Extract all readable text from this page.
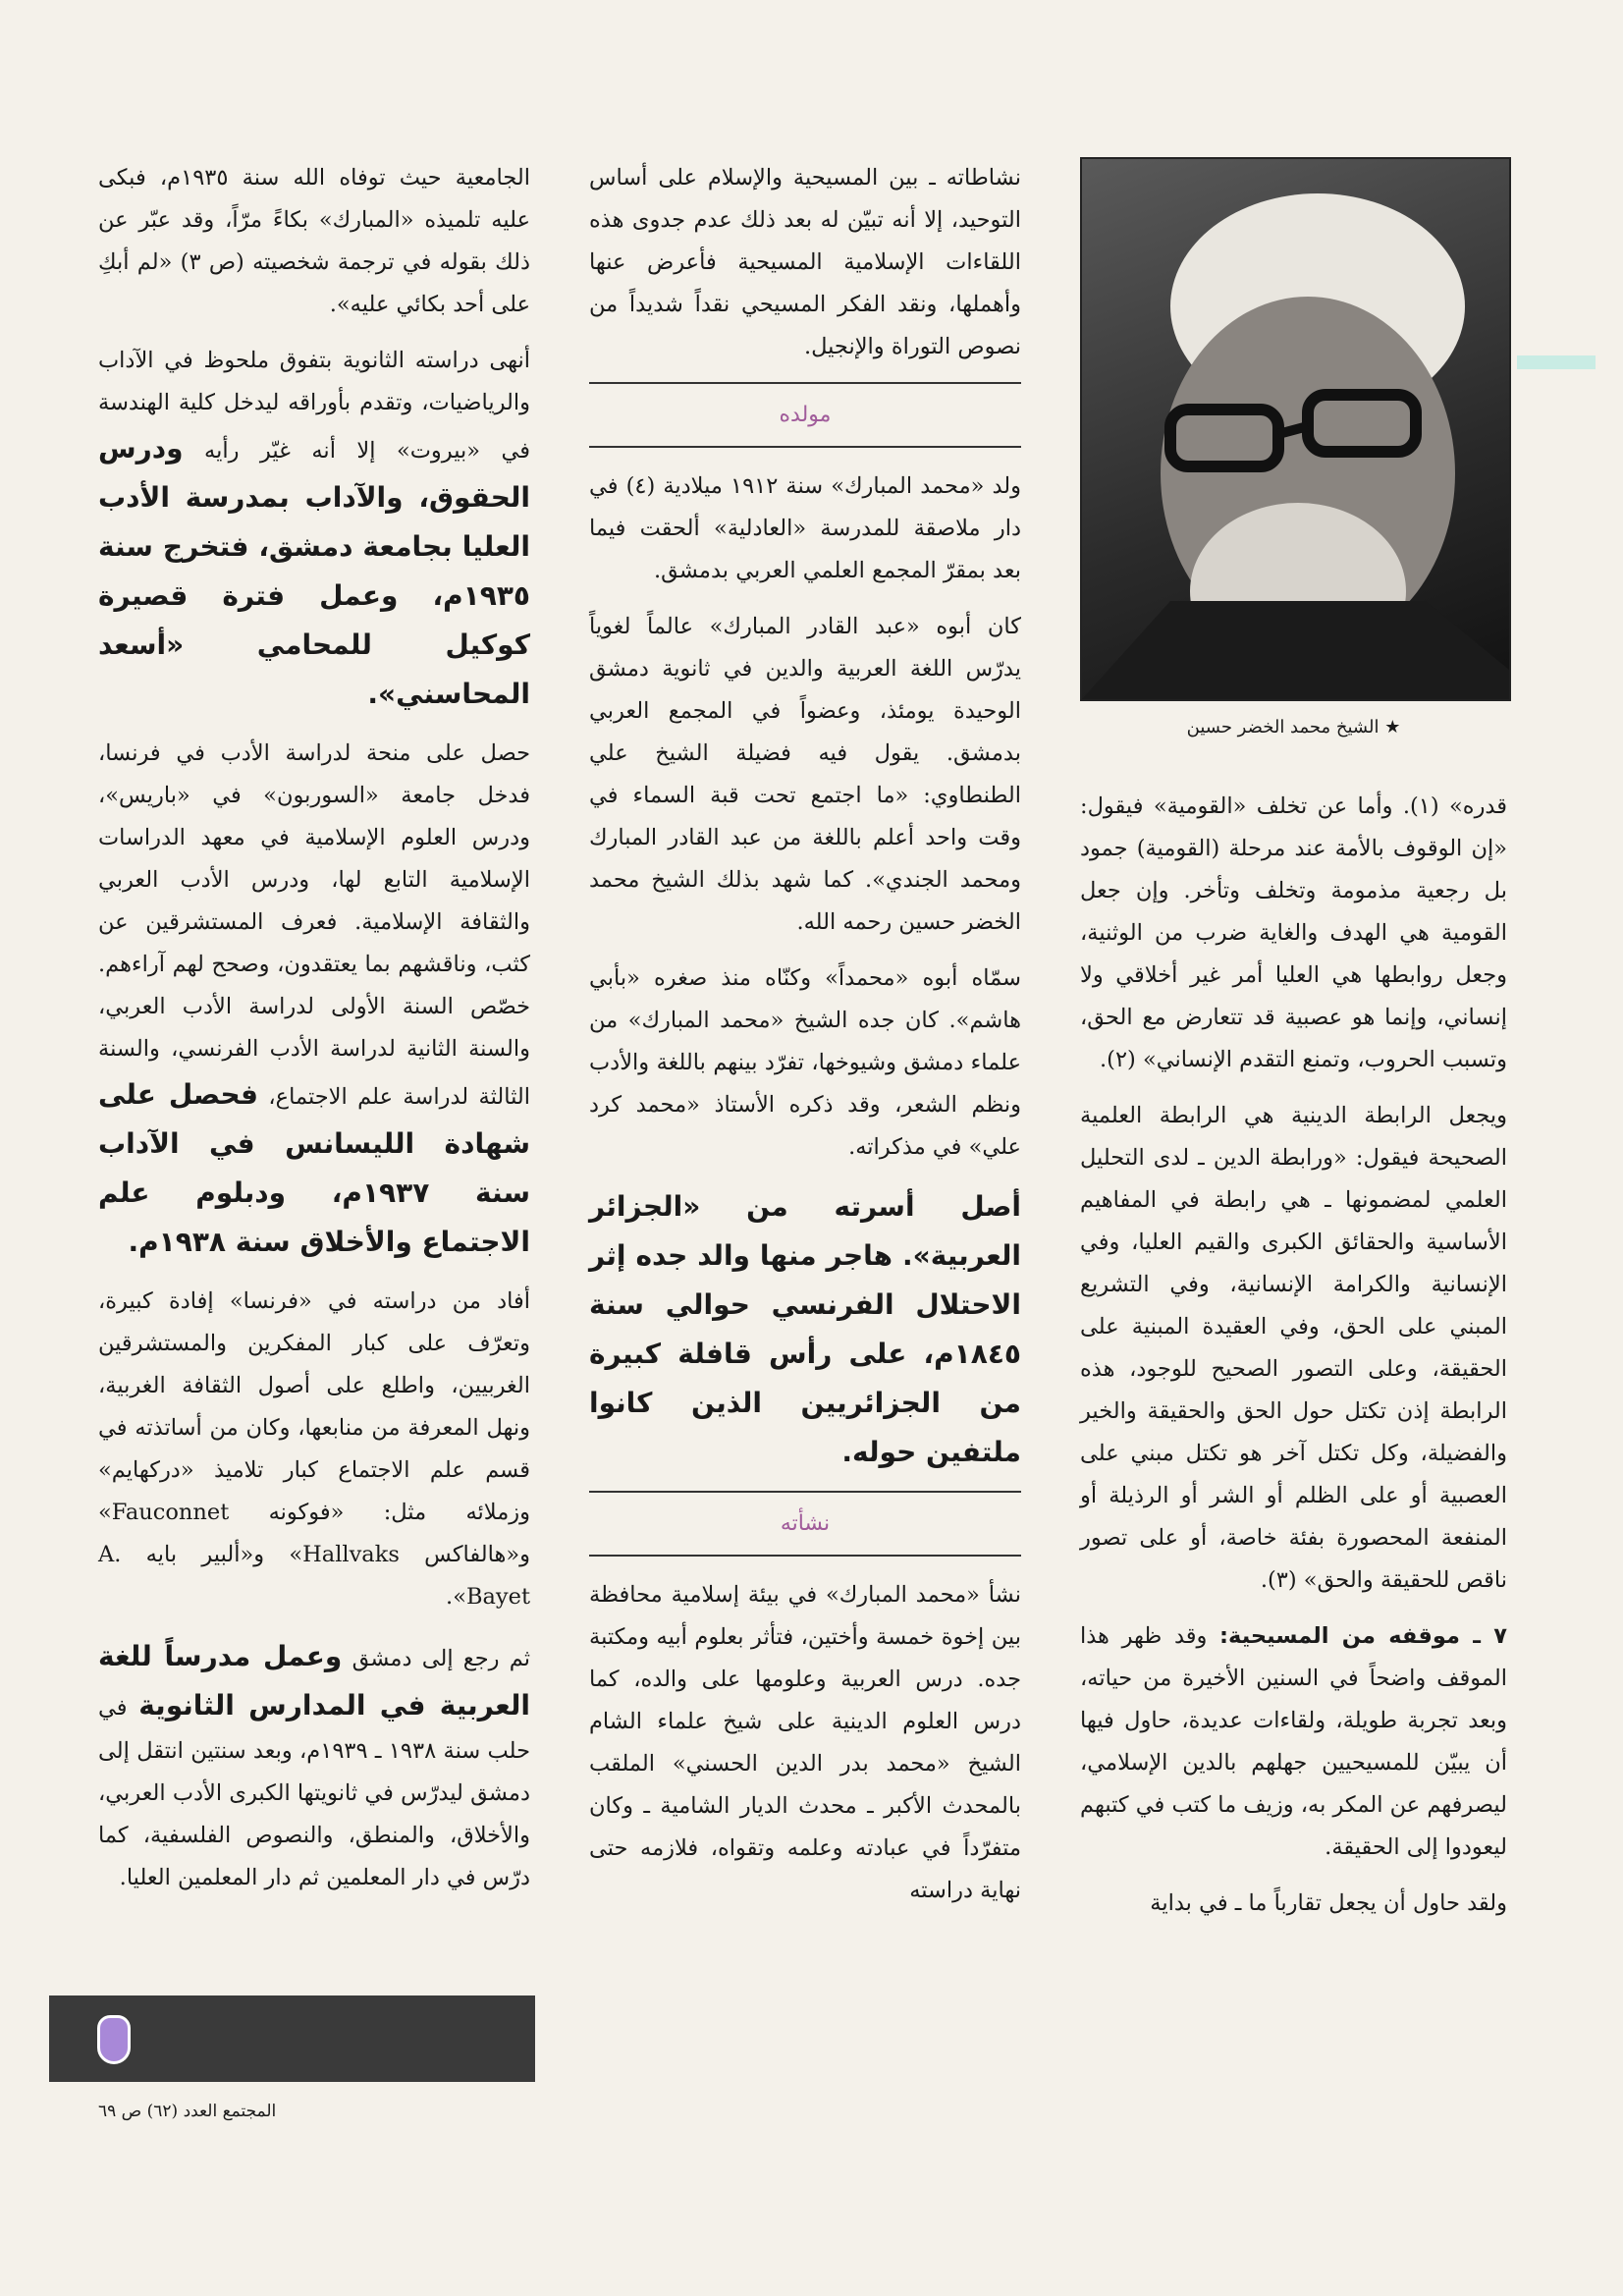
★ الشيخ محمد الخضر حسين

قدره» (١). وأما عن تخلف «القومية» فيقول: «إن الوقوف بالأمة عند مرحلة (القومية) جمود بل رجعية مذمومة وتخلف وتأخر. وإن جعل القومية هي الهدف والغاية ضرب من الوثنية، وجعل روابطها هي العليا أمر غير أخلاقي ولا إنساني، وإنما هو عصبية قد تتعارض مع الحق، وتسبب الحروب، وتمنع التقدم الإنساني» (٢).

ويجعل الرابطة الدينية هي الرابطة العلمية الصحيحة فيقول: «ورابطة الدين ـ لدى التحليل العلمي لمضمونها ـ هي رابطة في المفاهيم الأساسية والحقائق الكبرى والقيم العليا، وفي الإنسانية والكرامة الإنسانية، وفي التشريع المبني على الحق، وفي العقيدة المبنية على الحقيقة، وعلى التصور الصحيح للوجود، هذه الرابطة إذن تكتل حول الحق والحقيقة والخير والفضيلة، وكل تكتل آخر هو تكتل مبني على العصبية أو على الظلم أو الشر أو الرذيلة أو المنفعة المحصورة بفئة خاصة، أو على تصور ناقص للحقيقة والحق» (٣).

٧ ـ موقفه من المسيحية: وقد ظهر هذا الموقف واضحاً في السنين الأخيرة من حياته، وبعد تجربة طويلة، ولقاءات عديدة، حاول فيها أن يبيّن للمسيحيين جهلهم بالدين الإسلامي، ليصرفهم عن المكر به، وزيف ما كتب في كتبهم ليعودوا إلى الحقيقة.

ولقد حاول أن يجعل تقارباً ما ـ في بداية

نشاطاته ـ بين المسيحية والإسلام على أساس التوحيد، إلا أنه تبيّن له بعد ذلك عدم جدوى هذه اللقاءات الإسلامية المسيحية فأعرض عنها وأهملها، ونقد الفكر المسيحي نقداً شديداً من نصوص التوراة والإنجيل.

مولده

ولد «محمد المبارك» سنة ١٩١٢ ميلادية (٤) في دار ملاصقة للمدرسة «العادلية» ألحقت فيما بعد بمقرّ المجمع العلمي العربي بدمشق.

كان أبوه «عبد القادر المبارك» عالماً لغوياً يدرّس اللغة العربية والدين في ثانوية دمشق الوحيدة يومئذ، وعضواً في المجمع العربي بدمشق. يقول فيه فضيلة الشيخ علي الطنطاوي: «ما اجتمع تحت قبة السماء في وقت واحد أعلم باللغة من عبد القادر المبارك ومحمد الجندي». كما شهد بذلك الشيخ محمد الخضر حسين رحمه الله.

سمّاه أبوه «محمداً» وكنّاه منذ صغره «بأبي هاشم». كان جده الشيخ «محمد المبارك» من علماء دمشق وشيوخها، تفرّد بينهم باللغة والأدب ونظم الشعر، وقد ذكره الأستاذ «محمد كرد علي» في مذكراته.

أصل أسرته من «الجزائر العربية». هاجر منها والد جده إثر الاحتلال الفرنسي حوالي سنة ١٨٤٥م، على رأس قافلة كبيرة من الجزائريين الذين كانوا ملتفين حوله.

نشأته

نشأ «محمد المبارك» في بيئة إسلامية محافظة بين إخوة خمسة وأختين، فتأثر بعلوم أبيه ومكتبة جده. درس العربية وعلومها على والده، كما درس العلوم الدينية على شيخ علماء الشام الشيخ «محمد بدر الدين الحسني» الملقب بالمحدث الأكبر ـ محدث الديار الشامية ـ وكان متفرّداً في عبادته وعلمه وتقواه، فلازمه حتى نهاية دراسته

الجامعية حيث توفاه الله سنة ١٩٣٥م، فبكى عليه تلميذه «المبارك» بكاءً مرّاً، وقد عبّر عن ذلك بقوله في ترجمة شخصيته (ص ٣) «لم أبكِ على أحد بكائي عليه».

أنهى دراسته الثانوية بتفوق ملحوظ في الآداب والرياضيات، وتقدم بأوراقه ليدخل كلية الهندسة في «بيروت» إلا أنه غيّر رأيه ودرس الحقوق، والآداب بمدرسة الأدب العليا بجامعة دمشق، فتخرج سنة ١٩٣٥م، وعمل فترة قصيرة كوكيل للمحامي «أسعد المحاسني».

حصل على منحة لدراسة الأدب في فرنسا، فدخل جامعة «السوربون» في «باريس»، ودرس العلوم الإسلامية في معهد الدراسات الإسلامية التابع لها، ودرس الأدب العربي والثقافة الإسلامية. فعرف المستشرقين عن كثب، وناقشهم بما يعتقدون، وصحح لهم آراءهم. خصّص السنة الأولى لدراسة الأدب العربي، والسنة الثانية لدراسة الأدب الفرنسي، والسنة الثالثة لدراسة علم الاجتماع، فحصل على شهادة الليسانس في الآداب سنة ١٩٣٧م، ودبلوم علم الاجتماع والأخلاق سنة ١٩٣٨م.

أفاد من دراسته في «فرنسا» إفادة كبيرة، وتعرّف على كبار المفكرين والمستشرقين الغربيين، واطلع على أصول الثقافة الغربية، ونهل المعرفة من منابعها، وكان من أساتذته في قسم علم الاجتماع كبار تلاميذ «دركهايم» وزملائه مثل: «فوكونه Fauconnet» و«هالفاكس Hallvaks» و«ألبير بايه A. Bayet».

ثم رجع إلى دمشق وعمل مدرساً للغة العربية في المدارس الثانوية في حلب سنة ١٩٣٨ ـ ١٩٣٩م، وبعد سنتين انتقل إلى دمشق ليدرّس في ثانويتها الكبرى الأدب العربي، والأخلاق، والمنطق، والنصوص الفلسفية، كما درّس في دار المعلمين ثم دار المعلمين العليا.

المجتمع العدد (٦٢) ص ٦٩
